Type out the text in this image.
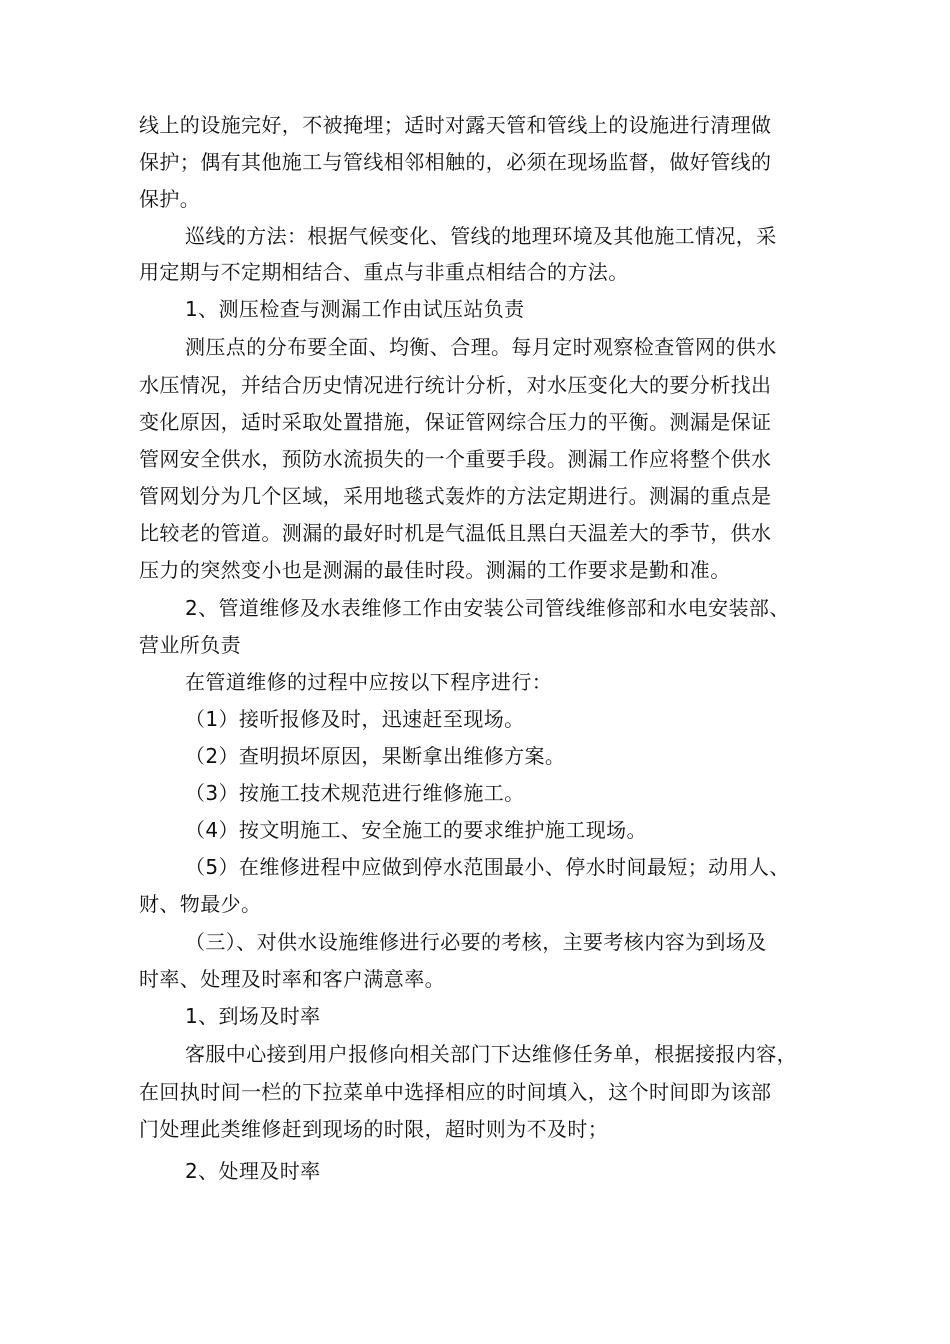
线上的设施完好，不被掩埋；适时对露天管和管线上的设施进行清理做
保护；偶有其他施工与管线相邻相触的，必须在现场监督，做好管线的
保护。
巡线的方法：根据气候变化、管线的地理环境及其他施工情况，采
用定期与不定期相结合、重点与非重点相结合的方法。
1、测压检查与测漏工作由试压站负责
测压点的分布要全面、均衡、合理。每月定时观察检查管网的供水
水压情况，并结合历史情况进行统计分析，对水压变化大的要分析找出
变化原因，适时采取处置措施，保证管网综合压力的平衡。测漏是保证
管网安全供水，预防水流损失的一个重要手段。测漏工作应将整个供水
管网划分为几个区域，采用地毯式轰炸的方法定期进行。测漏的重点是
比较老的管道。测漏的最好时机是气温低且黑白天温差大的季节，供水
压力的突然变小也是测漏的最佳时段。测漏的工作要求是勤和准。
2、管道维修及水表维修工作由安装公司管线维修部和水电安装部、
营业所负责
在管道维修的过程中应按以下程序进行：
（1）接听报修及时，迅速赶至现场。
（2）查明损坏原因，果断拿出维修方案。
（3）按施工技术规范进行维修施工。
（4）按文明施工、安全施工的要求维护施工现场。
（5）在维修进程中应做到停水范围最小、停水时间最短；动用人、
财、物最少。
（三）、对供水设施维修进行必要的考核，主要考核内容为到场及
时率、处理及时率和客户满意率。
1、到场及时率
客服中心接到用户报修向相关部门下达维修任务单，根据接报内容，
在回执时间一栏的下拉菜单中选择相应的时间填入，这个时间即为该部
门处理此类维修赶到现场的时限，超时则为不及时；
2、处理及时率
